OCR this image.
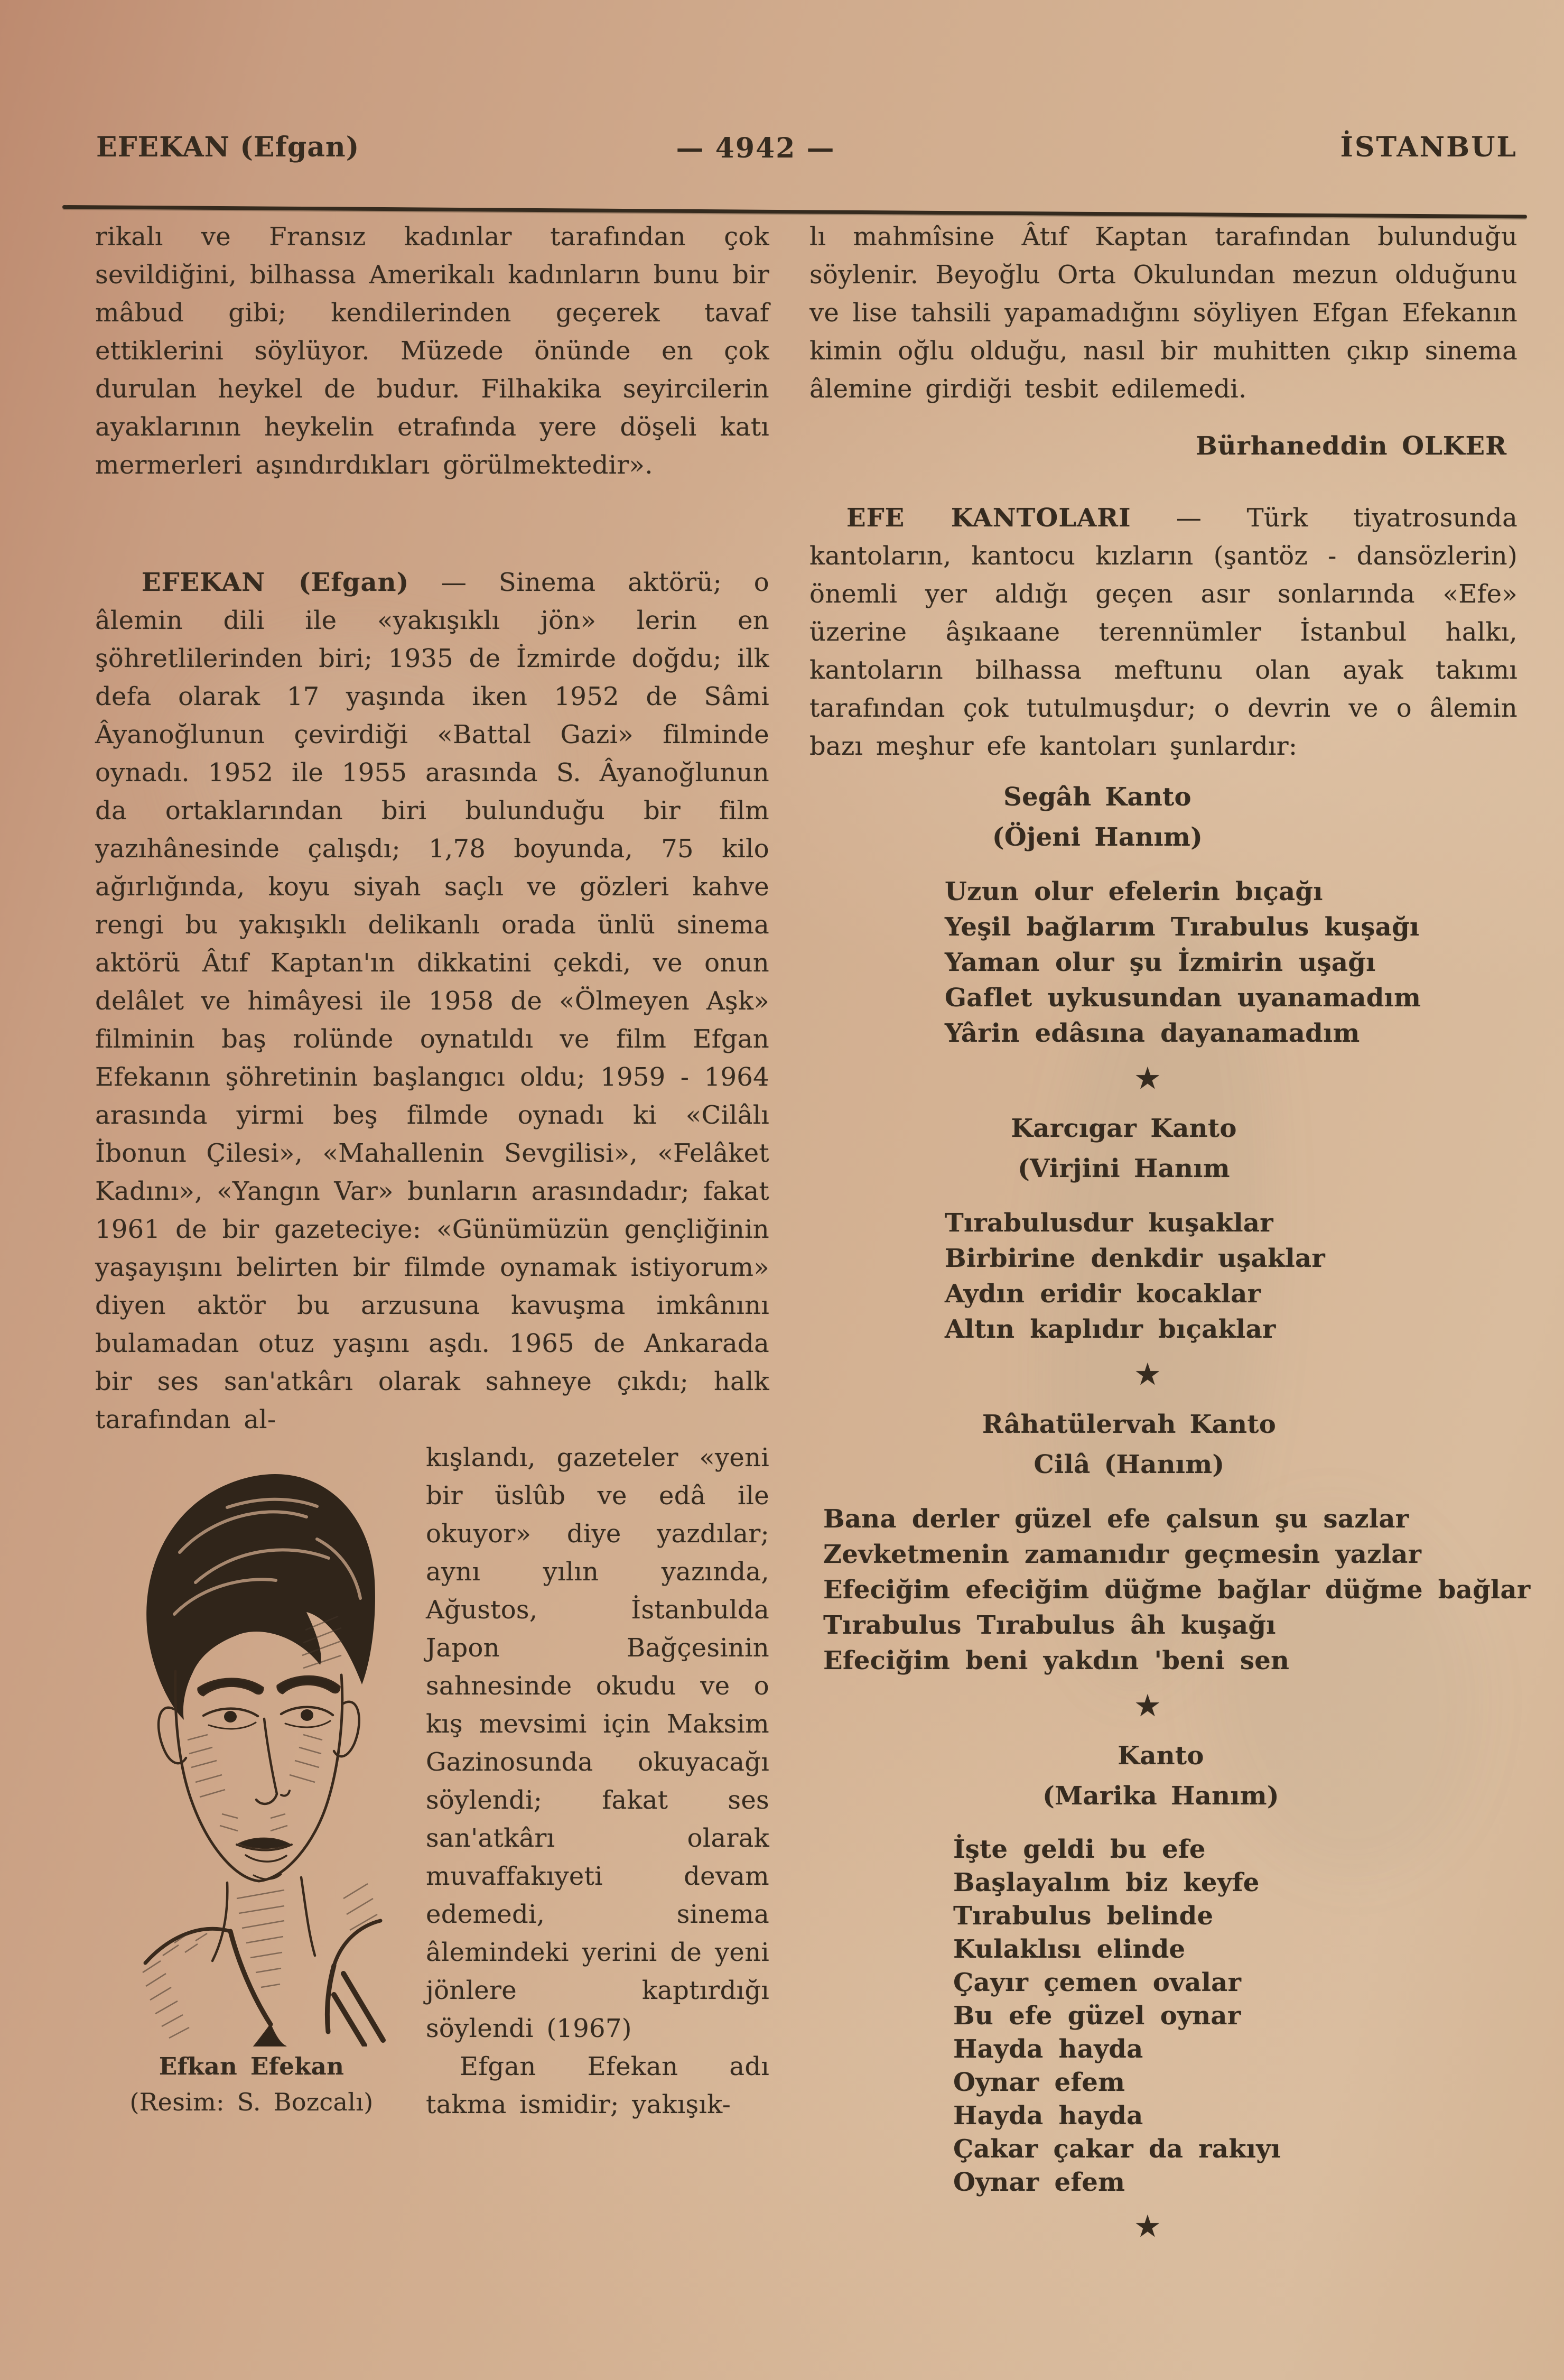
EFEKAN (Efgan)	— 4942 —	İSTANBUL

rikalı ve Fransız kadınlar tarafından çok sevildiğini, bilhassa Amerikalı kadınların bunu bir mâbud gibi; kendilerinden geçerek tavaf ettiklerini söylüyor. Müzede önünde en çok durulan heykel de budur. Filhakika seyircilerin ayaklarının heykelin etrafında yere döşeli katı mermerleri aşındırdıkları görülmektedir».

EFEKAN (Efgan) — Sinema aktörü; o âlemin dili ile «yakışıklı jön» lerin en şöhretlilerinden biri; 1935 de İzmirde doğdu; ilk defa olarak 17 yaşında iken 1952 de Sâmi Âyanoğlunun çevirdiği «Battal Gazi» filminde oynadı. 1952 ile 1955 arasında S. Âyanoğlunun da ortaklarından biri bulunduğu bir film yazıhânesinde çalışdı; 1,78 boyunda, 75 kilo ağırlığında, koyu siyah saçlı ve gözleri kahve rengi bu yakışıklı delikanlı orada ünlü sinema aktörü Âtıf Kaptan'ın dikkatini çekdi, ve onun delâlet ve himâyesi ile 1958 de «Ölmeyen Aşk» filminin baş rolünde oynatıldı ve film Efgan Efekanın şöhretinin başlangıcı oldu; 1959 - 1964 arasında yirmi beş filmde oynadı ki «Cilâlı İbonun Çilesi», «Mahallenin Sevgilisi», «Felâket Kadını», «Yangın Var» bunların arasındadır; fakat 1961 de bir gazeteciye: «Günümüzün gençliğinin yaşayışını belirten bir filmde oynamak istiyorum» diyen aktör bu arzusuna kavuşma imkânını bulamadan otuz yaşını aşdı. 1965 de Ankarada bir ses san'atkârı olarak sahneye çıkdı; halk tarafından al-

Efkan Efekan

(Resim: S. Bozcalı)

kışlandı, gazeteler «yeni bir üslûb ve edâ ile okuyor» diye yazdılar; aynı yılın yazında, Ağustos, İstanbulda Japon Bağçesinin sahnesinde okudu ve o kış mevsimi için Maksim Gazinosunda okuyacağı söylendi; fakat ses san'atkârı olarak muvaffakıyeti devam edemedi, sinema âlemindeki yerini de yeni jönlere kaptırdığı söylendi (1967)

Efgan Efekan adı takma ismidir; yakışık-

lı mahmîsine Âtıf Kaptan tarafından bulunduğu söylenir. Beyoğlu Orta Okulundan mezun olduğunu ve lise tahsili yapamadığını söyliyen Efgan Efekanın kimin oğlu olduğu, nasıl bir muhitten çıkıp sinema âlemine girdiği tesbit edilemedi.

Bürhaneddin OLKER

EFE KANTOLARI — Türk tiyatrosunda kantoların, kantocu kızların (şantöz - dansözlerin) önemli yer aldığı geçen asır sonlarında «Efe» üzerine âşıkaane terennümler İstanbul halkı, kantoların bilhassa meftunu olan ayak takımı tarafından çok tutulmuşdur; o devrin ve o âlemin bazı meşhur efe kantoları şunlardır:

Segâh Kanto
(Öjeni Hanım)
Uzun olur efelerin bıçağı
Yeşil bağlarım Tırabulus kuşağı
Yaman olur şu İzmirin uşağı
Gaflet uykusundan uyanamadım
Yârin edâsına dayanamadım
★
Karcıgar Kanto
(Virjini Hanım
Tırabulusdur kuşaklar
Birbirine denkdir uşaklar
Aydın eridir kocaklar
Altın kaplıdır bıçaklar
★
Râhatülervah Kanto
Cilâ (Hanım)
Bana derler güzel efe çalsun şu sazlar
Zevketmenin zamanıdır geçmesin yazlar
Efeciğim efeciğim düğme bağlar düğme bağlar
Tırabulus Tırabulus âh kuşağı
Efeciğim beni yakdın 'beni sen
★
Kanto
(Marika Hanım)
İşte geldi bu efe
Başlayalım biz keyfe
Tırabulus belinde
Kulaklısı elinde
Çayır çemen ovalar
Bu efe güzel oynar
Hayda hayda
Oynar efem
Hayda hayda
Çakar çakar da rakıyı
Oynar efem
★
